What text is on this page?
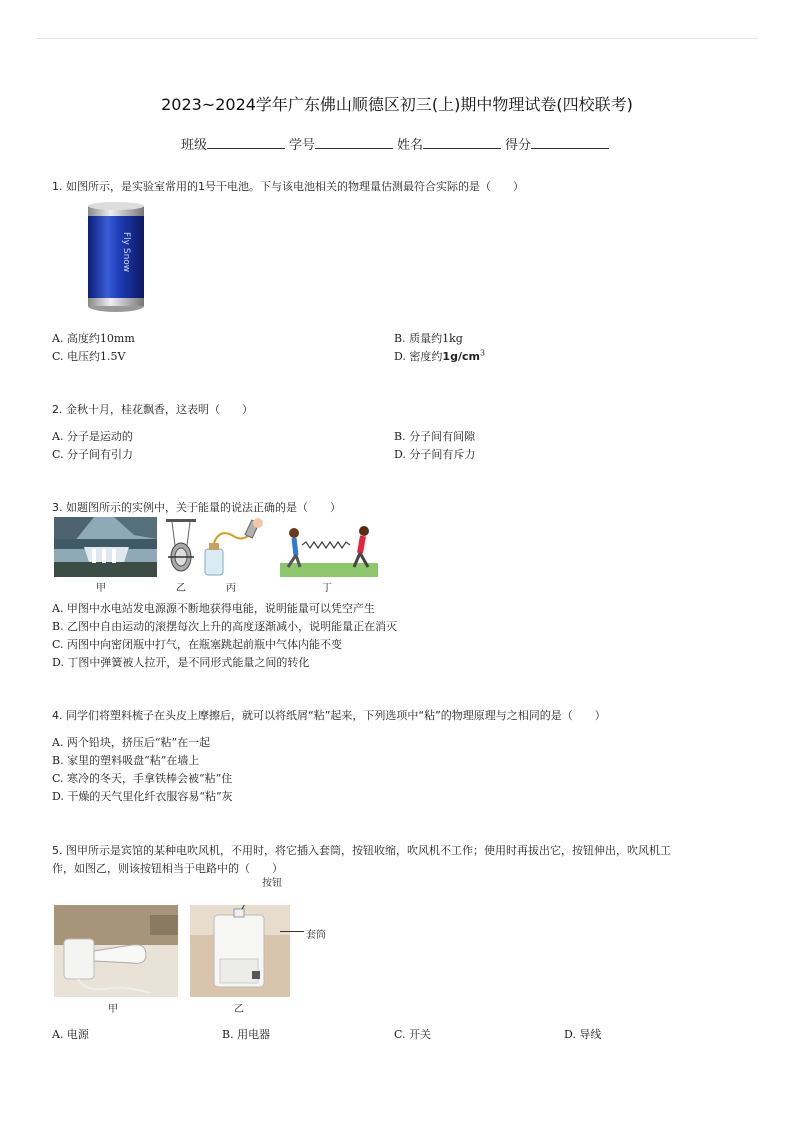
2023~2024学年广东佛山顺德区初三(上)期中物理试卷(四校联考)
班级	学号	姓名	得分
1. 如图所示，是实验室常用的1号干电池。下与该电池相关的物理量估测最符合实际的是（　　）
Fly Snow
A. 高度约10mm	B. 质量约1kg
C. 电压约1.5V	D. 密度约$1g/cm^3$
2. 金秋十月，桂花飘香，这表明（　　）
A. 分子是运动的	B. 分子间有间隙
C. 分子间有引力	D. 分子间有斥力
3. 如题图所示的实例中，关于能量的说法正确的是（　　）
甲	乙	丙	丁
A. 甲图中水电站发电源源不断地获得电能，说明能量可以凭空产生
B. 乙图中自由运动的滚摆每次上升的高度逐渐减小，说明能量正在消灭
C. 丙图中向密闭瓶中打气，在瓶塞跳起前瓶中气体内能不变
D. 丁图中弹簧被人拉开，是不同形式能量之间的转化
4. 同学们将塑料梳子在头皮上摩擦后，就可以将纸屑“粘”起来，下列选项中“粘”的物理原理与之相同的是（　　）
A. 两个铅块，挤压后“粘”在一起
B. 家里的塑料吸盘“粘”在墙上
C. 寒冷的冬天，手拿铁棒会被“粘”住
D. 干燥的天气里化纤衣服容易“粘”灰
5. 图甲所示是宾馆的某种电吹风机，不用时，将它插入套筒，按钮收缩，吹风机不工作；使用时再拔出它，按钮伸出，吹风机工
作，如图乙，则该按钮相当于电路中的（　　）
甲
按钮
套筒
乙
A. 电源	B. 用电器	C. 开关	D. 导线
